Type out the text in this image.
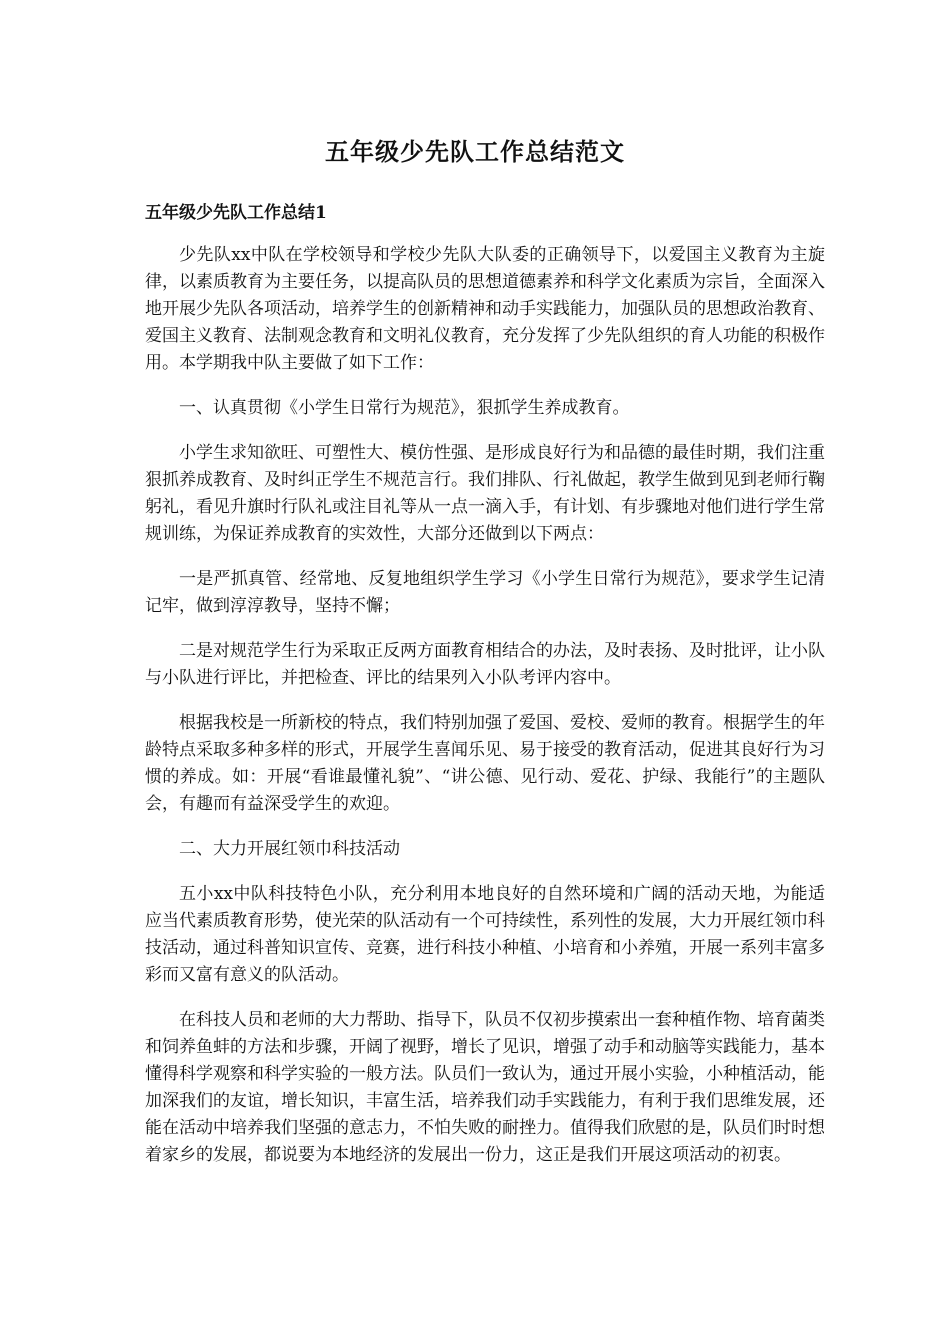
五年级少先队工作总结范文
五年级少先队工作总结1

少先队xx中队在学校领导和学校少先队大队委的正确领导下，以爱国主义教育为主旋律，以素质教育为主要任务，以提高队员的思想道德素养和科学文化素质为宗旨，全面深入地开展少先队各项活动，培养学生的创新精神和动手实践能力，加强队员的思想政治教育、爱国主义教育、法制观念教育和文明礼仪教育，充分发挥了少先队组织的育人功能的积极作用。本学期我中队主要做了如下工作：

一、认真贯彻《小学生日常行为规范》，狠抓学生养成教育。

小学生求知欲旺、可塑性大、模仿性强、是形成良好行为和品德的最佳时期，我们注重狠抓养成教育、及时纠正学生不规范言行。我们排队、行礼做起，教学生做到见到老师行鞠躬礼，看见升旗时行队礼或注目礼等从一点一滴入手，有计划、有步骤地对他们进行学生常规训练，为保证养成教育的实效性，大部分还做到以下两点：

一是严抓真管、经常地、反复地组织学生学习《小学生日常行为规范》，要求学生记清记牢，做到淳淳教导，坚持不懈；

二是对规范学生行为采取正反两方面教育相结合的办法，及时表扬、及时批评，让小队与小队进行评比，并把检查、评比的结果列入小队考评内容中。

根据我校是一所新校的特点，我们特别加强了爱国、爱校、爱师的教育。根据学生的年龄特点采取多种多样的形式，开展学生喜闻乐见、易于接受的教育活动，促进其良好行为习惯的养成。如：开展“看谁最懂礼貌”、“讲公德、见行动、爱花、护绿、我能行”的主题队会，有趣而有益深受学生的欢迎。

二、大力开展红领巾科技活动

五小xx中队科技特色小队，充分利用本地良好的自然环境和广阔的活动天地，为能适应当代素质教育形势，使光荣的队活动有一个可持续性，系列性的发展，大力开展红领巾科技活动，通过科普知识宣传、竞赛，进行科技小种植、小培育和小养殖，开展一系列丰富多彩而又富有意义的队活动。

在科技人员和老师的大力帮助、指导下，队员不仅初步摸索出一套种植作物、培育菌类和饲养鱼蚌的方法和步骤，开阔了视野，增长了见识，增强了动手和动脑等实践能力，基本懂得科学观察和科学实验的一般方法。队员们一致认为，通过开展小实验，小种植活动，能加深我们的友谊，增长知识，丰富生活，培养我们动手实践能力，有利于我们思维发展，还能在活动中培养我们坚强的意志力，不怕失败的耐挫力。值得我们欣慰的是，队员们时时想着家乡的发展，都说要为本地经济的发展出一份力，这正是我们开展这项活动的初衷。
